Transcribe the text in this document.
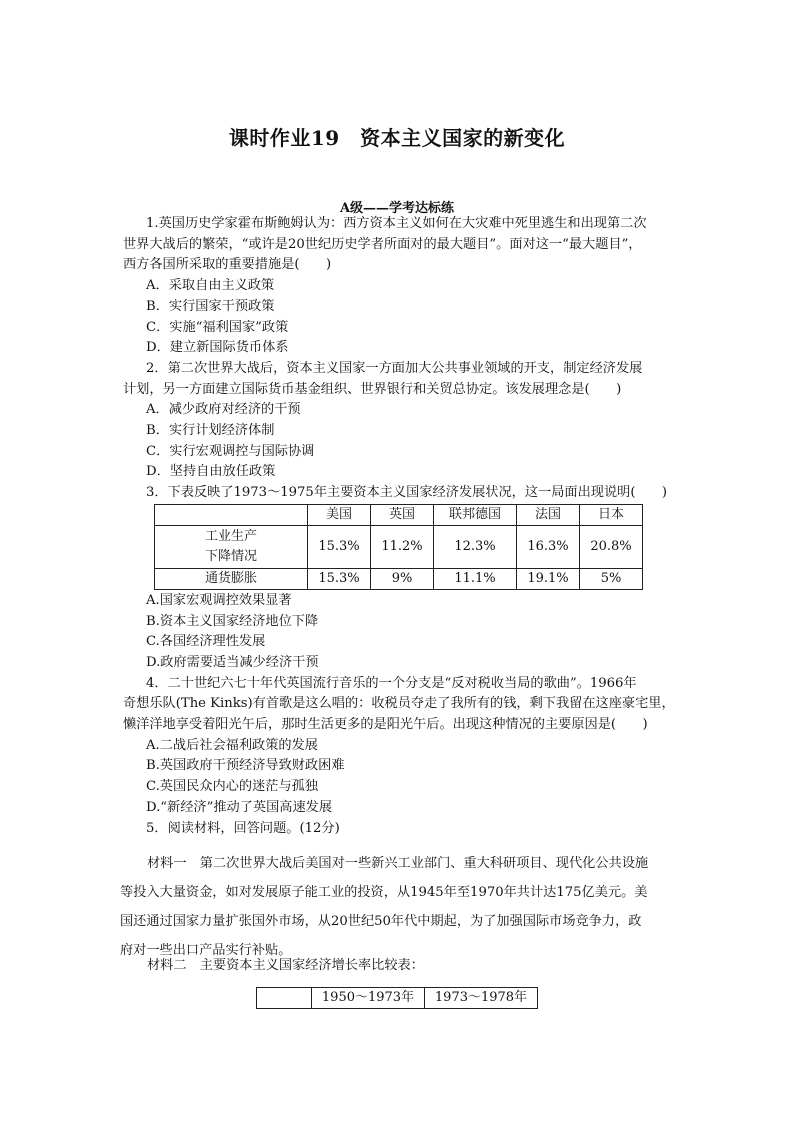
课时作业19　资本主义国家的新变化
A级——学考达标练
1.英国历史学家霍布斯鲍姆认为：西方资本主义如何在大灾难中死里逃生和出现第二次
世界大战后的繁荣，“或许是20世纪历史学者所面对的最大题目”。面对这一“最大题目”，
西方各国所采取的重要措施是(　　)
A．采取自由主义政策
B．实行国家干预政策
C．实施“福利国家”政策
D．建立新国际货币体系
2．第二次世界大战后，资本主义国家一方面加大公共事业领域的开支，制定经济发展
计划，另一方面建立国际货币基金组织、世界银行和关贸总协定。该发展理念是(　　)
A．减少政府对经济的干预
B．实行计划经济体制
C．实行宏观调控与国际协调
D．坚持自由放任政策
3．下表反映了1973～1975年主要资本主义国家经济发展状况，这一局面出现说明(　　)
	美国	英国	联邦德国	法国	日本

工业生产
下降情况	15.3%	11.2%	12.3%	16.3%	20.8%
通货膨胀	15.3%	9%	11.1%	19.1%	5%
A.国家宏观调控效果显著
B.资本主义国家经济地位下降
C.各国经济理性发展
D.政府需要适当减少经济干预
4．二十世纪六七十年代英国流行音乐的一个分支是“反对税收当局的歌曲”。1966年
奇想乐队(The Kinks)有首歌是这么唱的：收税员夺走了我所有的钱，剩下我留在这座豪宅里，
懒洋洋地享受着阳光午后，那时生活更多的是阳光午后。出现这种情况的主要原因是(　　)
A.二战后社会福利政策的发展
B.英国政府干预经济导致财政困难
C.英国民众内心的迷茫与孤独
D.“新经济”推动了英国高速发展
5．阅读材料，回答问题。(12分)
材料一　第二次世界大战后美国对一些新兴工业部门、重大科研项目、现代化公共设施
等投入大量资金，如对发展原子能工业的投资，从1945年至1970年共计达175亿美元。美
国还通过国家力量扩张国外市场，从20世纪50年代中期起，为了加强国际市场竞争力，政
府对一些出口产品实行补贴。
材料二　主要资本主义国家经济增长率比较表：
	1950～1973年	1973～1978年
